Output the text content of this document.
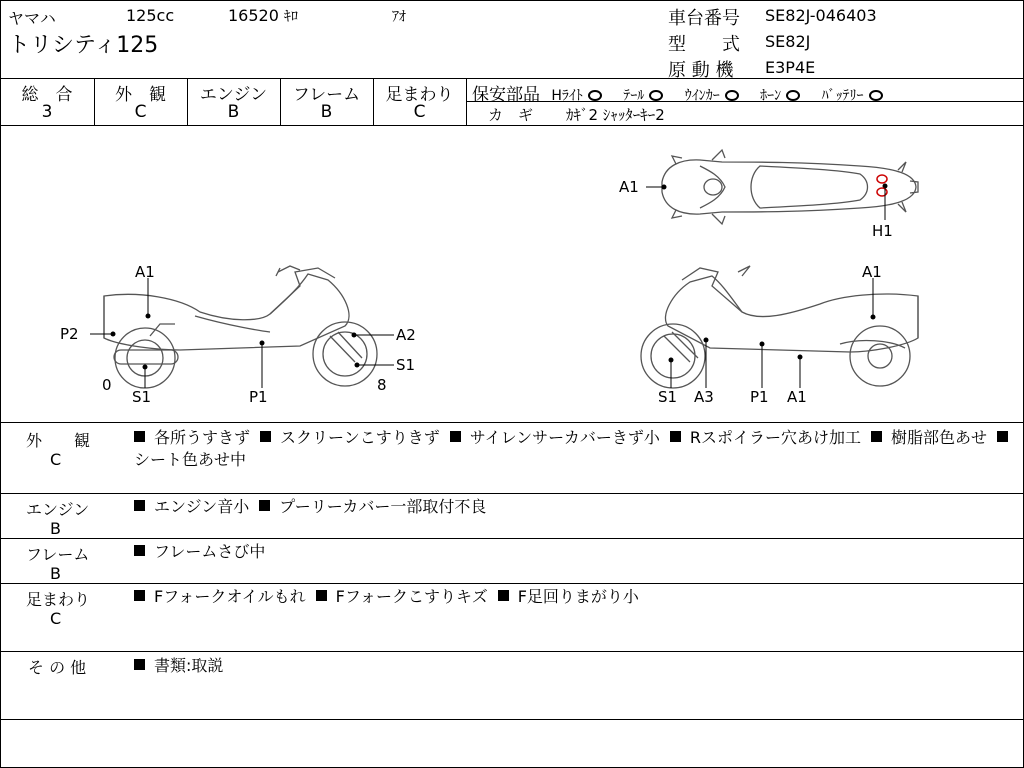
ヤマハ	125cc	16520 ｷﾛ	ｱｵ
トリシティ125
車台番号 SE82J-046403
型　　式 SE82J
原 動 機 E3P4E
総　合
3
外　観
C
エンジン
B
フレーム
B
足まわり
C
保安部品 Hﾗｲﾄ	ﾃｰﾙ	ｳｲﾝｶｰ	ﾎｰﾝ	ﾊﾞｯﾃﾘｰ
カ　ギ ｶｷﾞ2 ｼｬｯﾀｰｷｰ2
A1
H1
A1
P2	A2
S1
0
S1	P1
8
A1
S1 A3 P1 A1
外　　観
C
各所うすきず スクリーンこすりきず サイレンサーカバーきず小 Rスポイラー穴あけ加工 樹脂部色あせシート色あせ中
エンジン
B
エンジン音小 プーリーカバー一部取付不良
フレーム
B
フレームさび中
足まわり
C
Fフォークオイルもれ Fフォークこすりキズ F足回りまがり小
そ の 他	書類:取説
